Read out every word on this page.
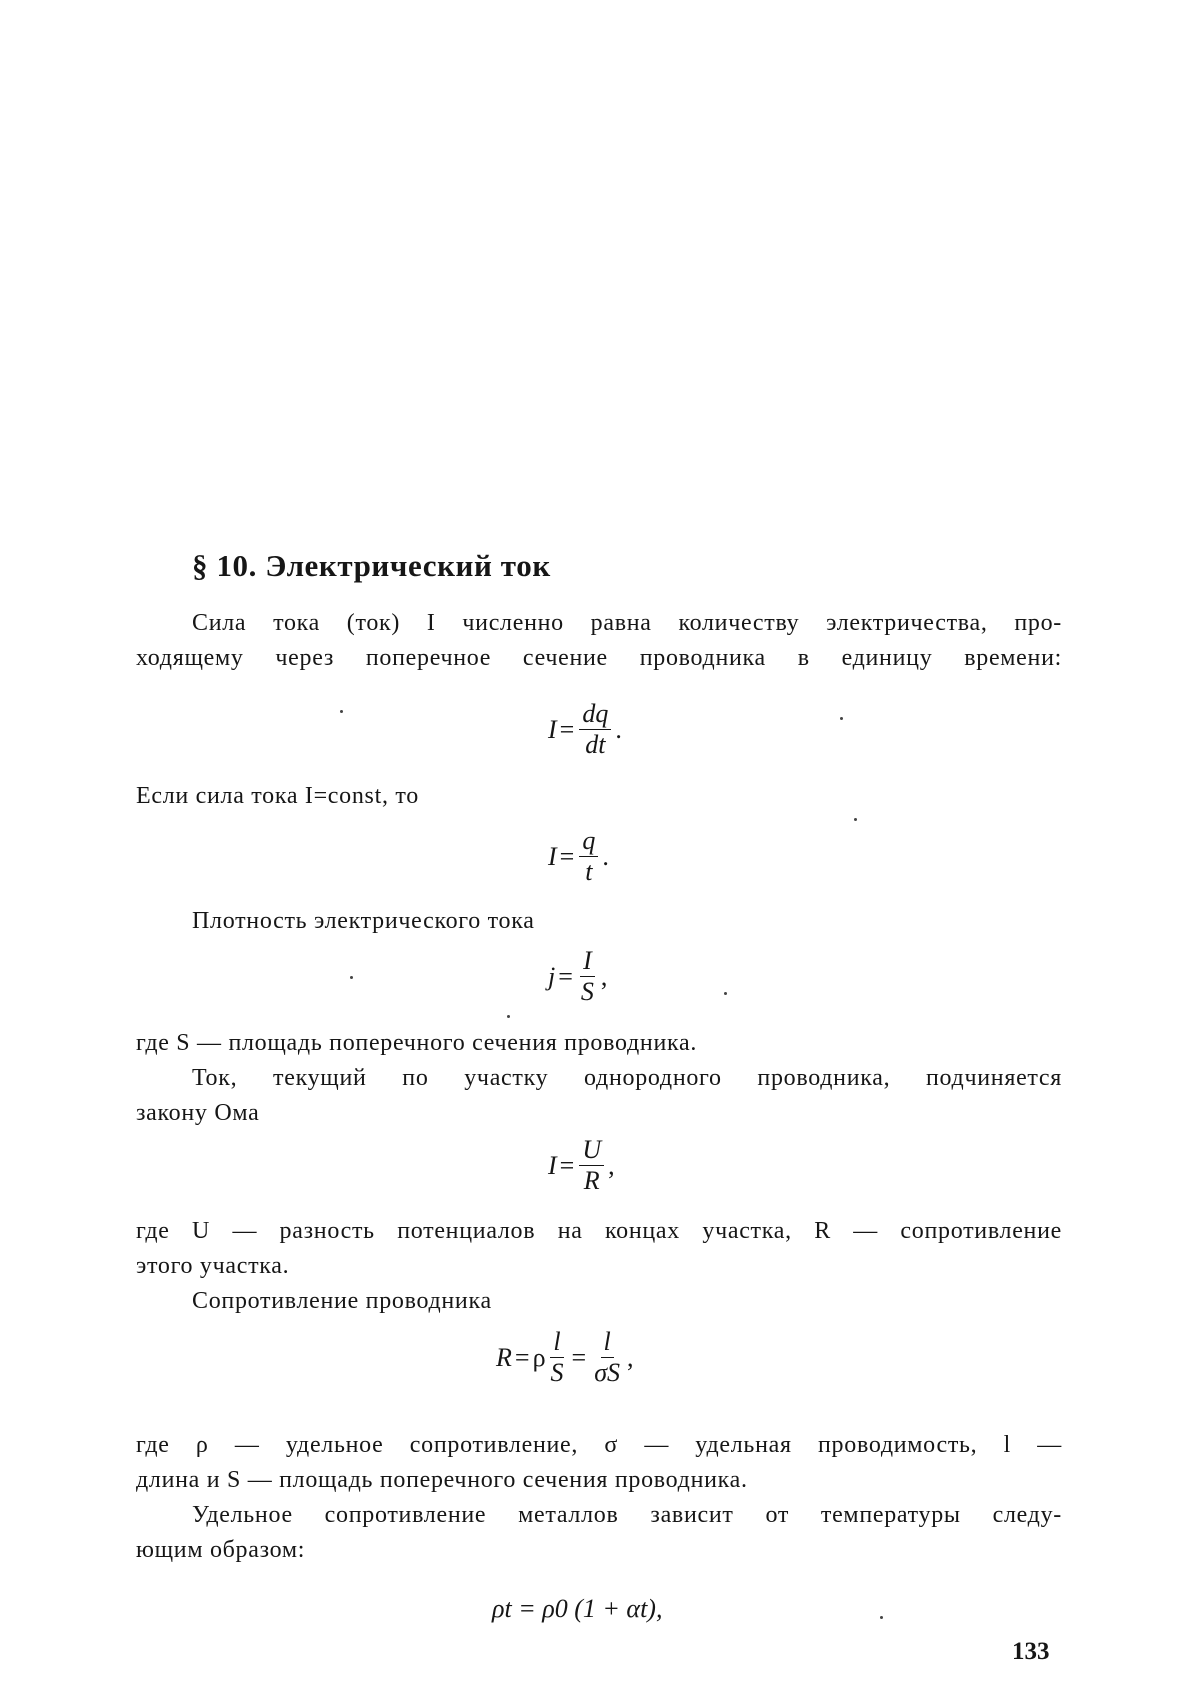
§ 10. Электрический ток
Сила тока (ток) I численно равна количеству электричества, про-
ходящему через поперечное сечение проводника в единицу времени:
$I = \frac{dq}{dt}$ .
Если сила тока I=const, то
$I = \frac{q}{t}$ .
Плотность электрического тока
$j = \frac{I}{S}$ ,
где S — площадь поперечного сечения проводника.
Ток, текущий по участку однородного проводника, подчиняется
закону Ома
$I = \frac{U}{R}$ ,
где U — разность потенциалов на концах участка, R — сопротивление
этого участка.
Сопротивление проводника
R = ρ $\frac{l}{S} = \frac{l}{\sigma S}$ ,
где ρ — удельное сопротивление, σ — удельная проводимость, l —
длина и S — площадь поперечного сечения проводника.
Удельное сопротивление металлов зависит от температуры следу-
ющим образом:
ρt = ρ0 (1 + αt),
133
